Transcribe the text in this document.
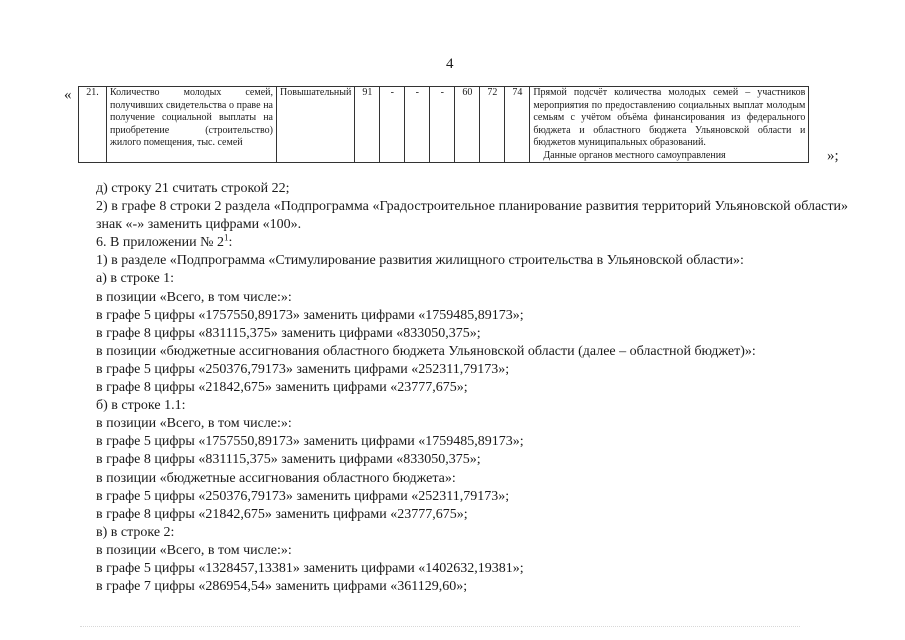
4
« 21.	Количество молодых семей, получивших свидетельства о праве на получение социальной выплаты на приобретение (строительство) жилого помещения, тыс. семей	Повышательный	91	-	-	-	60	72	74	Прямой подсчёт количества молодых семей – участников мероприятия по предоставлению социальных выплат молодым семьям с учётом объёма финансирования из федерального бюджета и областного бюджета Ульяновской области и бюджетов муниципальных образований.
Данные органов местного самоуправления	»;

д) строку 21 считать строкой 22;

2) в графе 8 строки 2 раздела «Подпрограмма «Градостроительное планирование развития территорий Ульяновской области» знак «-» заменить цифрами «100».

6. В приложении № $2^1$:

1) в разделе «Подпрограмма «Стимулирование развития жилищного строительства в Ульяновской области»:

а) в строке 1:

в позиции «Всего, в том числе:»:

в графе 5 цифры «1757550,89173» заменить цифрами «1759485,89173»;

в графе 8 цифры «831115,375» заменить цифрами «833050,375»;

в позиции «бюджетные ассигнования областного бюджета Ульяновской области (далее – областной бюджет)»:

в графе 5 цифры «250376,79173» заменить цифрами «252311,79173»;

в графе 8 цифры «21842,675» заменить цифрами «23777,675»;

б) в строке 1.1:

в позиции «Всего, в том числе:»:

в графе 5 цифры «1757550,89173» заменить цифрами «1759485,89173»;

в графе 8 цифры «831115,375» заменить цифрами «833050,375»;

в позиции «бюджетные ассигнования областного бюджета»:

в графе 5 цифры «250376,79173» заменить цифрами «252311,79173»;

в графе 8 цифры «21842,675» заменить цифрами «23777,675»;

в) в строке 2:

в позиции «Всего, в том числе:»:

в графе 5 цифры «1328457,13381» заменить цифрами «1402632,19381»;

в графе 7 цифры «286954,54» заменить цифрами «361129,60»;
